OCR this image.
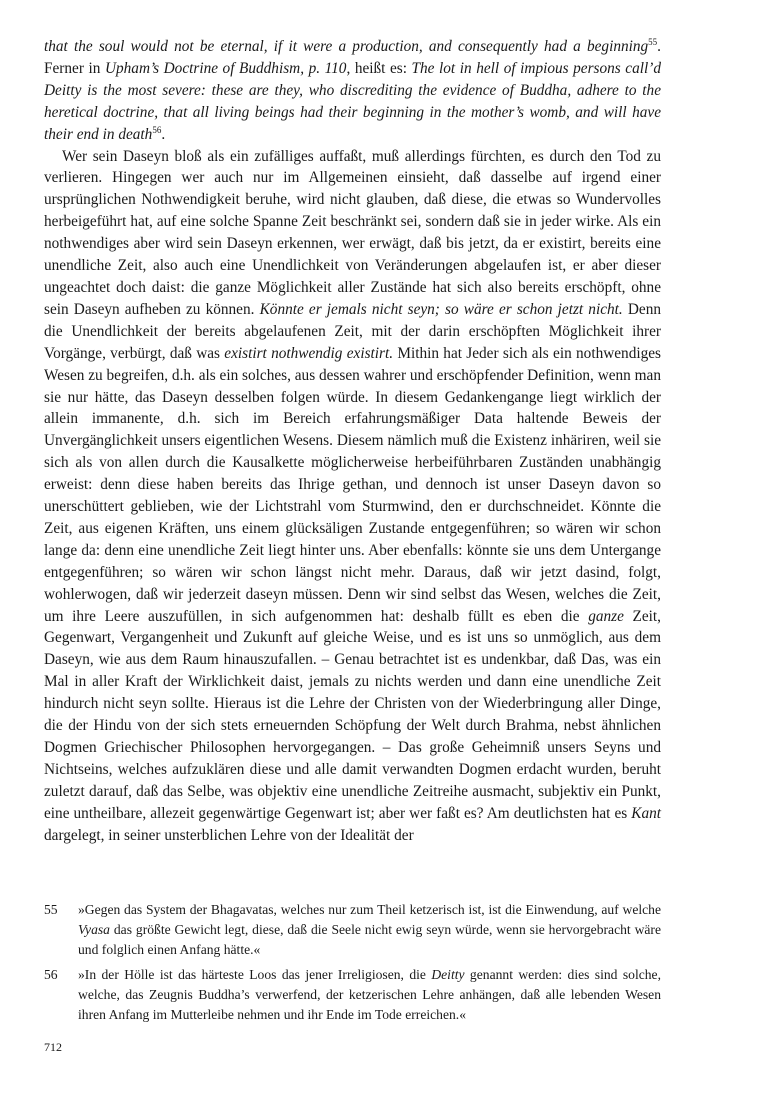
that the soul would not be eternal, if it were a production, and consequently had a beginning$^{55}$. Ferner in Upham’s Doctrine of Buddhism, p. 110, heißt es: The lot in hell of impious persons call’d Deitty is the most severe: these are they, who discrediting the evidence of Buddha, adhere to the heretical doctrine, that all living beings had their beginning in the mother’s womb, and will have their end in death$^{56}$.

Wer sein Daseyn bloß als ein zufälliges auffaßt, muß allerdings fürchten, es durch den Tod zu verlieren. Hingegen wer auch nur im Allgemeinen einsieht, daß dasselbe auf irgend einer ursprünglichen Nothwendigkeit beruhe, wird nicht glauben, daß diese, die etwas so Wundervolles herbeigeführt hat, auf eine solche Spanne Zeit beschränkt sei, sondern daß sie in jeder wirke. Als ein nothwendiges aber wird sein Daseyn erkennen, wer erwägt, daß bis jetzt, da er existirt, bereits eine unendliche Zeit, also auch eine Unendlichkeit von Veränderungen abgelaufen ist, er aber dieser ungeachtet doch daist: die ganze Möglichkeit aller Zustände hat sich also bereits erschöpft, ohne sein Daseyn aufheben zu können. Könnte er jemals nicht seyn; so wäre er schon jetzt nicht. Denn die Unendlichkeit der bereits abgelaufenen Zeit, mit der darin erschöpften Möglichkeit ihrer Vorgänge, verbürgt, daß was existirt nothwendig existirt. Mithin hat Jeder sich als ein nothwendiges Wesen zu begreifen, d.h. als ein solches, aus dessen wahrer und erschöpfender Definition, wenn man sie nur hätte, das Daseyn desselben folgen würde. In diesem Gedankengange liegt wirklich der allein immanente, d.h. sich im Bereich erfahrungsmäßiger Data haltende Beweis der Unvergänglichkeit unsers eigentlichen Wesens. Diesem nämlich muß die Existenz inhäriren, weil sie sich als von allen durch die Kausalkette möglicherweise herbeiführbaren Zuständen unabhängig erweist: denn diese haben bereits das Ihrige gethan, und dennoch ist unser Daseyn davon so unerschüttert geblieben, wie der Lichtstrahl vom Sturmwind, den er durchschneidet. Könnte die Zeit, aus eigenen Kräften, uns einem glücksäligen Zustande entgegenführen; so wären wir schon lange da: denn eine unendliche Zeit liegt hinter uns. Aber ebenfalls: könnte sie uns dem Untergange entgegenführen; so wären wir schon längst nicht mehr. Daraus, daß wir jetzt dasind, folgt, wohlerwogen, daß wir jederzeit daseyn müssen. Denn wir sind selbst das Wesen, welches die Zeit, um ihre Leere auszufüllen, in sich aufgenommen hat: deshalb füllt es eben die ganze Zeit, Gegenwart, Vergangenheit und Zukunft auf gleiche Weise, und es ist uns so unmöglich, aus dem Daseyn, wie aus dem Raum hinauszufallen. – Genau betrachtet ist es undenkbar, daß Das, was ein Mal in aller Kraft der Wirklichkeit daist, jemals zu nichts werden und dann eine unendliche Zeit hindurch nicht seyn sollte. Hieraus ist die Lehre der Christen von der Wiederbringung aller Dinge, die der Hindu von der sich stets erneuernden Schöpfung der Welt durch Brahma, nebst ähnlichen Dogmen Griechischer Philosophen hervorgegangen. – Das große Geheimniß unsers Seyns und Nichtseins, welches aufzuklären diese und alle damit verwandten Dogmen erdacht wurden, beruht zuletzt darauf, daß das Selbe, was objektiv eine unendliche Zeitreihe ausmacht, subjektiv ein Punkt, eine untheilbare, allezeit gegenwärtige Gegenwart ist; aber wer faßt es? Am deutlichsten hat es Kant dargelegt, in seiner unsterblichen Lehre von der Idealität der

55	»Gegen das System der Bhagavatas, welches nur zum Theil ketzerisch ist, ist die Einwendung, auf welche Vyasa das größte Gewicht legt, diese, daß die Seele nicht ewig seyn würde, wenn sie hervorgebracht wäre und folglich einen Anfang hätte.«
56	»In der Hölle ist das härteste Loos das jener Irreligiosen, die Deitty genannt werden: dies sind solche, welche, das Zeugnis Buddha’s verwerfend, der ketzerischen Lehre anhängen, daß alle lebenden Wesen ihren Anfang im Mutterleibe nehmen und ihr Ende im Tode erreichen.«
712
